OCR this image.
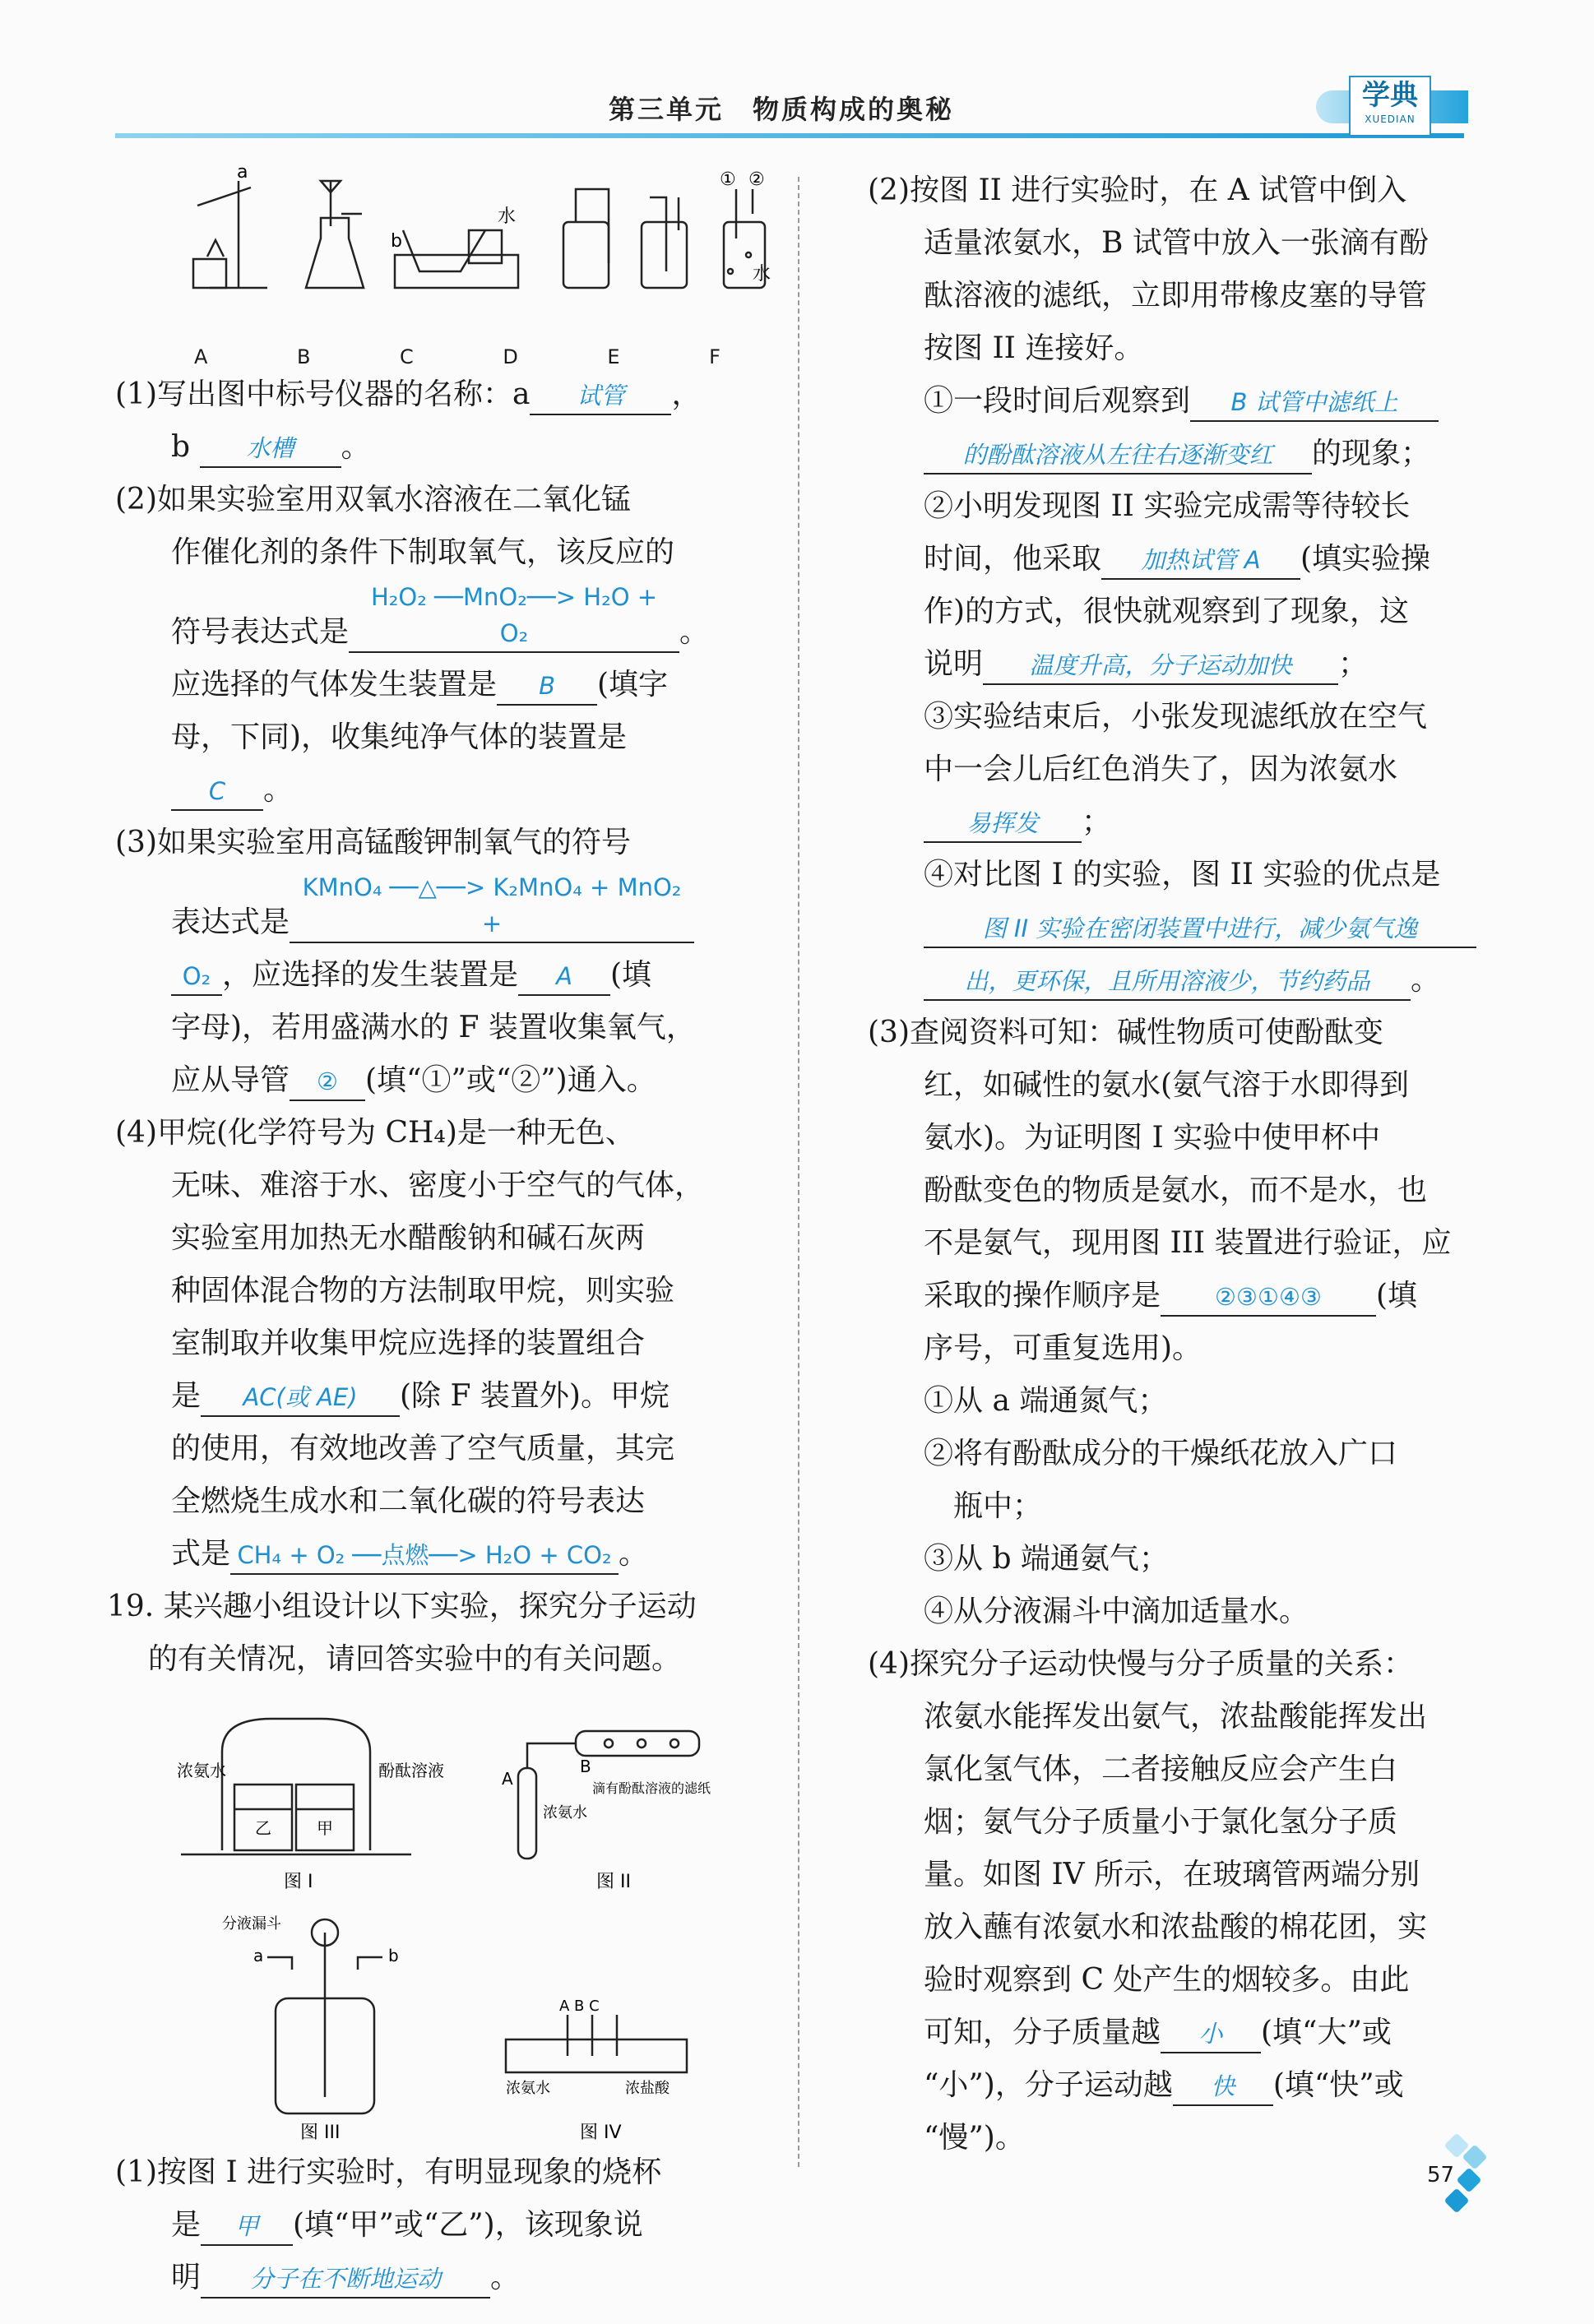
第三单元　物质构成的奥秘	学典
XUEDIAN
a
b
水
① ②
水
A	B	C	D	E	F

(1)写出图中标号仪器的名称：a 试管 ，

b 水槽 。

(2)如果实验室用双氧水溶液在二氧化锰

作催化剂的条件下制取氧气，该反应的

符号表达式是H₂O₂ ──MnO₂──> H₂O + O₂	。

应选择的气体发生装置是 B (填字

母，下同)，收集纯净气体的装置是

C 。

(3)如果实验室用高锰酸钾制氧气的符号

表达式是KMnO₄ ──△──> K₂MnO₄ + MnO₂ +

O₂ ，应选择的发生装置是 A (填

字母)，若用盛满水的 F 装置收集氧气，

应从导管 ② (填“①”或“②”)通入。

(4)甲烷(化学符号为 CH₄)是一种无色、

无味、难溶于水、密度小于空气的气体，

实验室用加热无水醋酸钠和碱石灰两

种固体混合物的方法制取甲烷，则实验

室制取并收集甲烷应选择的装置组合

是 AC(或 AE) (除 F 装置外)。甲烷

的使用，有效地改善了空气质量，其完

全燃烧生成水和二氧化碳的符号表达

式是 CH₄ + O₂ ──点燃──> H₂O + CO₂ 。

19. 某兴趣小组设计以下实验，探究分子运动

的有关情况，请回答实验中的有关问题。

浓氨水	酚酞溶液
乙	甲
图 I
A
B
浓氨水
滴有酚酞溶液的滤纸
图 II
分液漏斗
a	b
图 III
A B C
浓氨水	浓盐酸
图 IV

(1)按图 I 进行实验时，有明显现象的烧杯

是 甲 (填“甲”或“乙”)，该现象说

明 分子在不断地运动 。

(2)按图 II 进行实验时，在 A 试管中倒入

适量浓氨水，B 试管中放入一张滴有酚

酞溶液的滤纸，立即用带橡皮塞的导管

按图 II 连接好。

①一段时间后观察到 B 试管中滤纸上

的酚酞溶液从左往右逐渐变红 的现象；

②小明发现图 II 实验完成需等待较长

时间，他采取 加热试管 A (填实验操

作)的方式，很快就观察到了现象，这

说明 温度升高，分子运动加快 ；

③实验结束后，小张发现滤纸放在空气

中一会儿后红色消失了，因为浓氨水

易挥发 ；

④对比图 I 的实验，图 II 实验的优点是

图 II 实验在密闭装置中进行，减少氨气逸

出，更环保，且所用溶液少，节约药品 。

(3)查阅资料可知：碱性物质可使酚酞变

红，如碱性的氨水(氨气溶于水即得到

氨水)。为证明图 I 实验中使甲杯中

酚酞变色的物质是氨水，而不是水，也

不是氨气，现用图 III 装置进行验证，应

采取的操作顺序是 ②③①④③ (填

序号，可重复选用)。

①从 a 端通氮气；

②将有酚酞成分的干燥纸花放入广口

瓶中；

③从 b 端通氨气；

④从分液漏斗中滴加适量水。

(4)探究分子运动快慢与分子质量的关系：

浓氨水能挥发出氨气，浓盐酸能挥发出

氯化氢气体，二者接触反应会产生白

烟；氨气分子质量小于氯化氢分子质

量。如图 IV 所示，在玻璃管两端分别

放入蘸有浓氨水和浓盐酸的棉花团，实

验时观察到 C 处产生的烟较多。由此

可知，分子质量越 小 (填“大”或

“小”)，分子运动越 快 (填“快”或

“慢”)。

57
